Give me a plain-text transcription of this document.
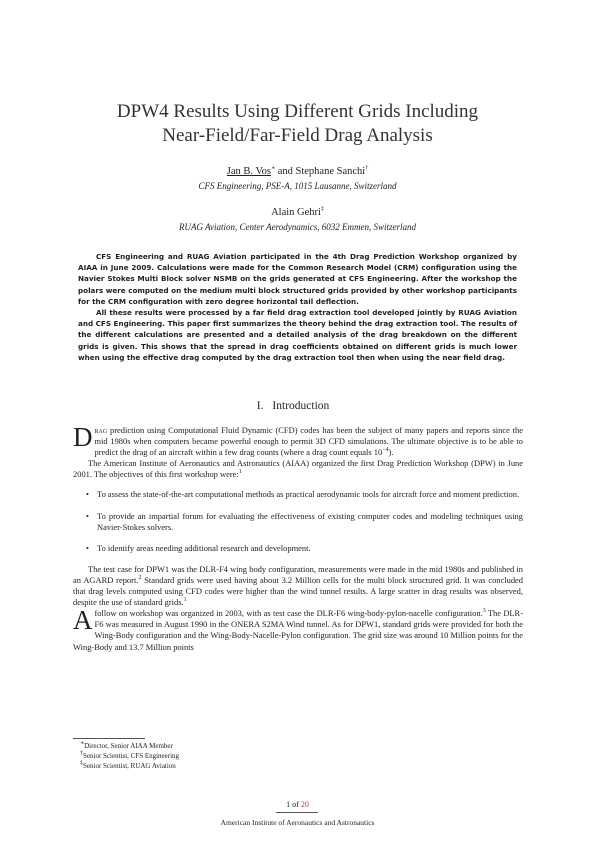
DPW4 Results Using Different Grids Including
Near-Field/Far-Field Drag Analysis
Jan B. Vos∗ and Stephane Sanchi†
CFS Engineering, PSE-A, 1015 Lausanne, Switzerland
Alain Gehri‡
RUAG Aviation, Center Aerodynamics, 6032 Emmen, Switzerland

CFS Engineering and RUAG Aviation participated in the 4th Drag Prediction Workshop organized by AIAA in June 2009. Calculations were made for the Common Research Model (CRM) configuration using the Navier Stokes Multi Block solver NSMB on the grids generated at CFS Engineering. After the workshop the polars were computed on the medium multi block structured grids provided by other workshop participants for the CRM configuration with zero degree horizontal tail deflection.

All these results were processed by a far field drag extraction tool developed jointly by RUAG Aviation and CFS Engineering. This paper first summarizes the theory behind the drag extraction tool. The results of the different calculations are presented and a detailed analysis of the drag breakdown on the different grids is given. This shows that the spread in drag coefficients obtained on different grids is much lower when using the effective drag computed by the drag extraction tool then when using the near field drag.

I. Introduction

Drag prediction using Computational Fluid Dynamic (CFD) codes has been the subject of many papers and reports since the mid 1980s when computers became powerful enough to permit 3D CFD simulations. The ultimate objective is to be able to predict the drag of an aircraft within a few drag counts (where a drag count equals $10^{-4}$).

The American Institute of Aeronautics and Astronautics (AIAA) organized the first Drag Prediction Workshop (DPW) in June 2001. The objectives of this first workshop were:$^1$

• To assess the state-of-the-art computational methods as practical aerodynamic tools for aircraft force and moment prediction.
• To provide an impartial forum for evaluating the effectiveness of existing computer codes and modeling techniques using Navier-Stokes solvers.
• To identify areas needing additional research and development.

The test case for DPW1 was the DLR-F4 wing body configuration, measurements were made in the mid 1980s and published in an AGARD report.$^2$ Standard grids were used having about 3.2 Million cells for the multi block structured grid. It was concluded that drag levels computed using CFD codes were higher than the wind tunnel results. A large scatter in drag results was observed, despite the use of standard grids.$^1$

A follow on workshop was organized in 2003, with as test case the DLR-F6 wing-body-pylon-nacelle configuration.$^3$ The DLR-F6 was measured in August 1990 in the ONERA S2MA Wind tunnel. As for DPW1, standard grids were provided for both the Wing-Body configuration and the Wing-Body-Nacelle-Pylon configuration. The grid size was around 10 Million points for the Wing-Body and 13.7 Million points

∗Director, Senior AIAA Member
†Senior Scientist, CFS Engineering
‡Senior Scientist, RUAG Aviation
1 of 20
American Institute of Aeronautics and Astronautics
